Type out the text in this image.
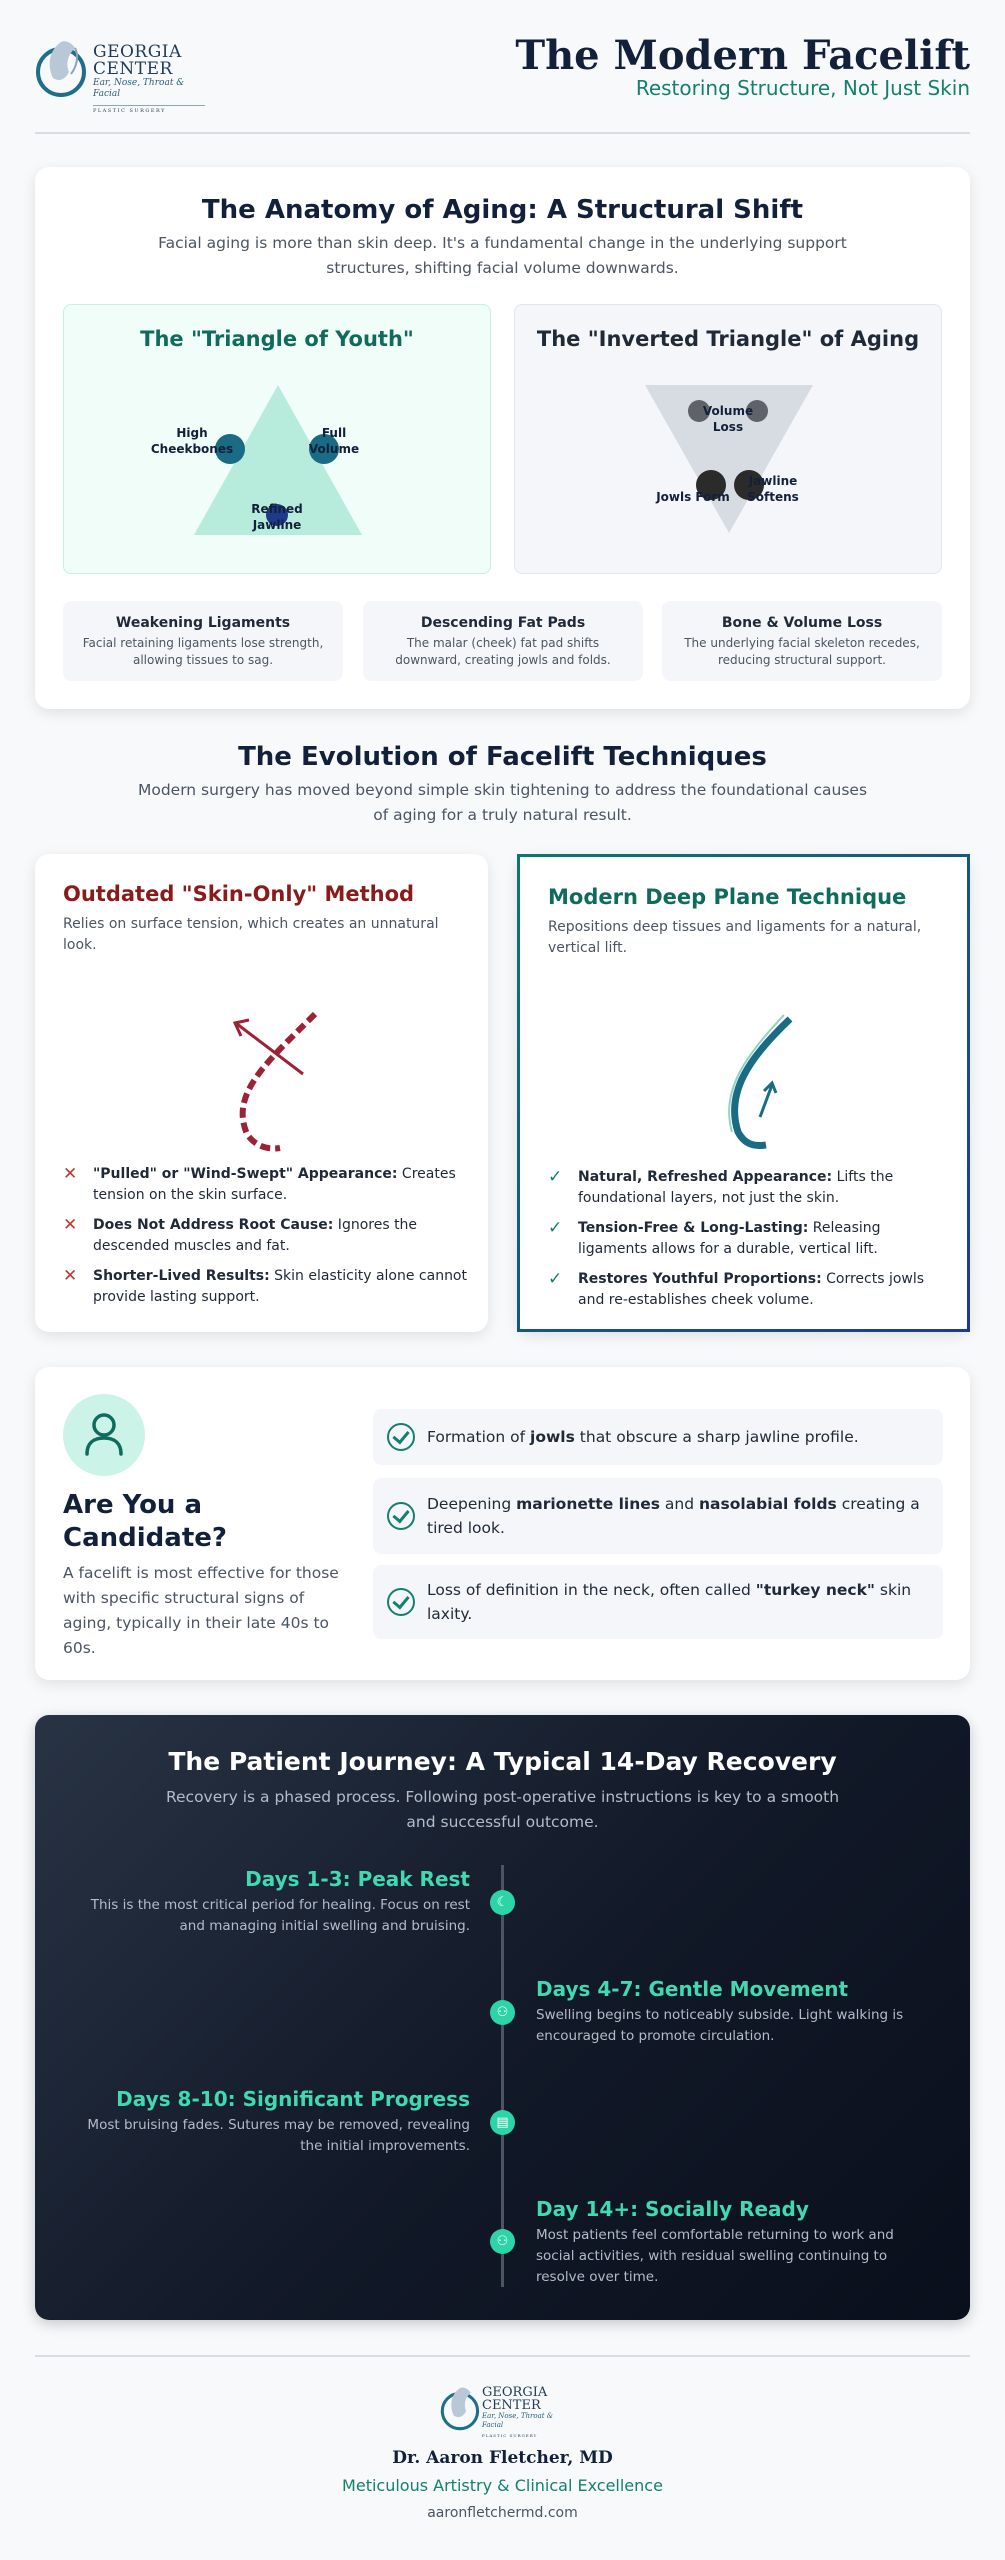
GEORGIA
CENTER
Ear, Nose, Throat & Facial
PLASTIC SURGERY
The Modern Facelift
Restoring Structure, Not Just Skin
The Anatomy of Aging: A Structural Shift
Facial aging is more than skin deep. It's a fundamental change in the underlying support structures, shifting facial volume downwards.
The "Triangle of Youth"
High
Cheekbones
Full
Volume
Refined
Jawline
The "Inverted Triangle" of Aging
Volume
Loss
Jowls Form
Jawline
Softens
Weakening Ligaments
Facial retaining ligaments lose strength, allowing tissues to sag.
Descending Fat Pads
The malar (cheek) fat pad shifts downward, creating jowls and folds.
Bone & Volume Loss
The underlying facial skeleton recedes, reducing structural support.
The Evolution of Facelift Techniques
Modern surgery has moved beyond simple skin tightening to address the foundational causes of aging for a truly natural result.
Outdated "Skin-Only" Method
Relies on surface tension, which creates an unnatural look.
✕ "Pulled" or "Wind-Swept" Appearance: Creates tension on the skin surface.
✕ Does Not Address Root Cause: Ignores the descended muscles and fat.
✕ Shorter-Lived Results: Skin elasticity alone cannot provide lasting support.
Modern Deep Plane Technique
Repositions deep tissues and ligaments for a natural, vertical lift.
✓ Natural, Refreshed Appearance: Lifts the foundational layers, not just the skin.
✓ Tension-Free & Long-Lasting: Releasing ligaments allows for a durable, vertical lift.
✓ Restores Youthful Proportions: Corrects jowls and re-establishes cheek volume.
Are You a Candidate?
A facelift is most effective for those with specific structural signs of aging, typically in their late 40s to 60s.
Formation of jowls that obscure a sharp jawline profile.
Deepening marionette lines and nasolabial folds creating a tired look.
Loss of definition in the neck, often called "turkey neck" skin laxity.
The Patient Journey: A Typical 14-Day Recovery
Recovery is a phased process. Following post-operative instructions is key to a smooth and successful outcome.
☾
Days 1-3: Peak Rest
This is the most critical period for healing. Focus on rest and managing initial swelling and bruising.
⚇
Days 4-7: Gentle Movement
Swelling begins to noticeably subside. Light walking is encouraged to promote circulation.
▤
Days 8-10: Significant Progress
Most bruising fades. Sutures may be removed, revealing the initial improvements.
⚇
Day 14+: Socially Ready
Most patients feel comfortable returning to work and social activities, with residual swelling continuing to resolve over time.
GEORGIA
CENTER
Ear, Nose, Throat & Facial
PLASTIC SURGERY
Dr. Aaron Fletcher, MD
Meticulous Artistry & Clinical Excellence
aaronfletchermd.com
